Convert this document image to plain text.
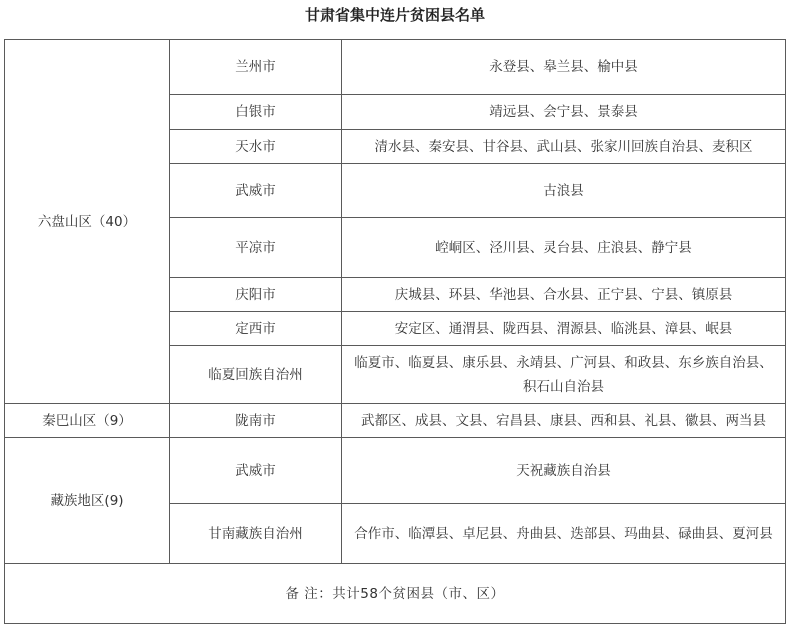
甘肃省集中连片贫困县名单
六盘山区（40）	兰州市	永登县、皋兰县、榆中县
	白银市	靖远县、会宁县、景泰县
	天水市	清水县、秦安县、甘谷县、武山县、张家川回族自治县、麦积区
	武威市	古浪县
	平凉市	崆峒区、泾川县、灵台县、庄浪县、静宁县
	庆阳市	庆城县、环县、华池县、合水县、正宁县、宁县、镇原县
	定西市	安定区、通渭县、陇西县、渭源县、临洮县、漳县、岷县
	临夏回族自治州	临夏市、临夏县、康乐县、永靖县、广河县、和政县、东乡族自治县、积石山自治县
秦巴山区（9）	陇南市	武都区、成县、文县、宕昌县、康县、西和县、礼县、徽县、两当县
藏族地区(9)	武威市	天祝藏族自治县
	甘南藏族自治州	合作市、临潭县、卓尼县、舟曲县、迭部县、玛曲县、碌曲县、夏河县
备 注：共计58个贫困县（市、区）		
